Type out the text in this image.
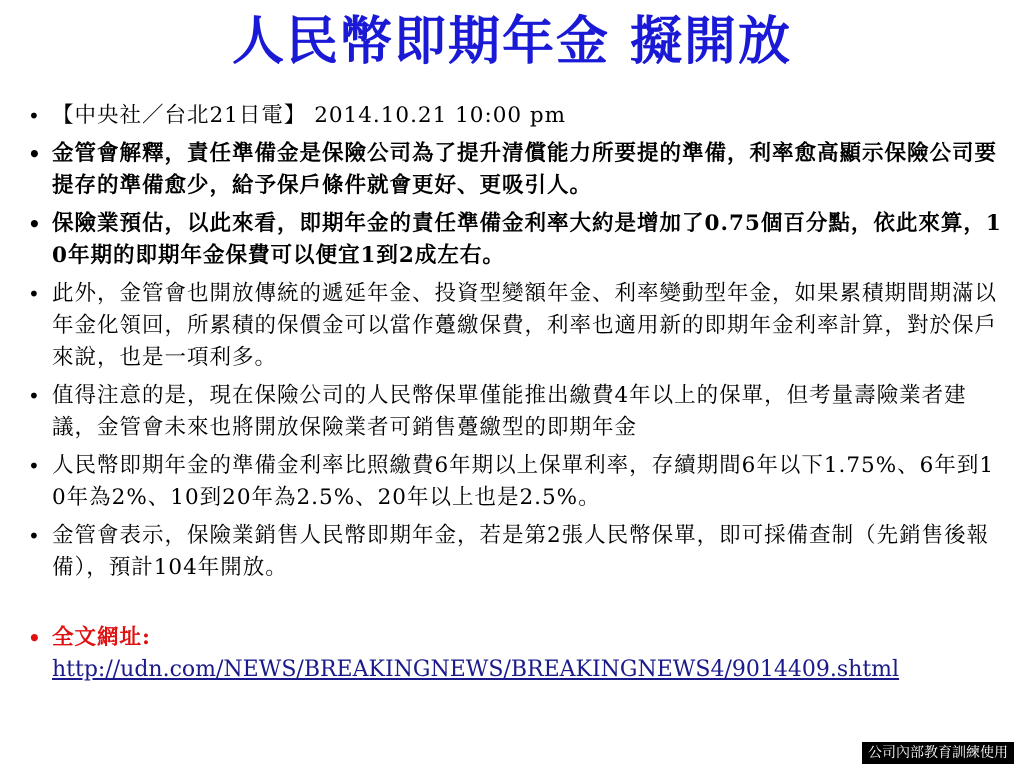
人民幣即期年金 擬開放
• 【中央社／台北21日電】 2014.10.21 10:00 pm
• 金管會解釋，責任準備金是保險公司為了提升清償能力所要提的準備，利率愈高顯示保險公司要提存的準備愈少，給予保戶條件就會更好、更吸引人。
• 保險業預估，以此來看，即期年金的責任準備金利率大約是增加了0.75個百分點，依此來算，10年期的即期年金保費可以便宜1到2成左右。
• 此外，金管會也開放傳統的遞延年金、投資型變額年金、利率變動型年金，如果累積期間期滿以年金化領回，所累積的保價金可以當作躉繳保費，利率也適用新的即期年金利率計算，對於保戶來說，也是一項利多。
• 值得注意的是，現在保險公司的人民幣保單僅能推出繳費4年以上的保單，但考量壽險業者建議，金管會未來也將開放保險業者可銷售躉繳型的即期年金
• 人民幣即期年金的準備金利率比照繳費6年期以上保單利率，存續期間6年以下1.75%、6年到10年為2%、10到20年為2.5%、20年以上也是2.5%。
• 金管會表示，保險業銷售人民幣即期年金，若是第2張人民幣保單，即可採備查制（先銷售後報備），預計104年開放。
• 全文網址:
http://udn.com/NEWS/BREAKINGNEWS/BREAKINGNEWS4/9014409.shtml
公司內部教育訓練使用
